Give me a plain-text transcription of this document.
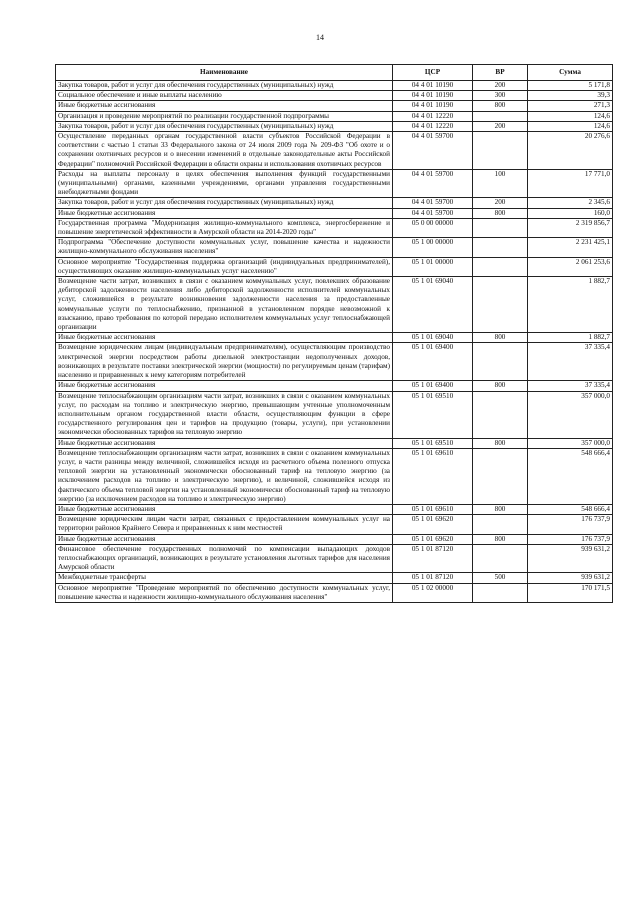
14
Наименование	ЦСР	ВР	Сумма
Закупка товаров, работ и услуг для обеспечения государственных (муниципальных) нужд	04 4 01 10190	200	5 171,8
Социальное обеспечение и иные выплаты населению	04 4 01 10190	300	39,3
Иные бюджетные ассигнования	04 4 01 10190	800	271,3
Организация и проведение мероприятий по реализации государственной подпрограммы	04 4 01 12220		124,6
Закупка товаров, работ и услуг для обеспечения государственных (муниципальных) нужд	04 4 01 12220	200	124,6
Осуществление переданных органам государственной власти субъектов Российской Федерации в соответствии с частью 1 статьи 33 Федерального закона от 24 июля 2009 года № 209-ФЗ "Об охоте и о сохранении охотничьих ресурсов и о внесении изменений в отдельные законодательные акты Российской Федерации" полномочий Российской Федерации в области охраны и использования охотничьих ресурсов	04 4 01 59700		20 276,6
Расходы на выплаты персоналу в целях обеспечения выполнения функций государственными (муниципальными) органами, казенными учреждениями, органами управления государственными внебюджетными фондами	04 4 01 59700	100	17 771,0
Закупка товаров, работ и услуг для обеспечения государственных (муниципальных) нужд	04 4 01 59700	200	2 345,6
Иные бюджетные ассигнования	04 4 01 59700	800	160,0
Государственная программа "Модернизация жилищно-коммунального комплекса, энергосбережение и повышение энергетической эффективности в Амурской области на 2014-2020 годы"	05 0 00 00000		2 319 856,7
Подпрограмма "Обеспечение доступности коммунальных услуг, повышение качества и надежности жилищно-коммунального обслуживания населения"	05 1 00 00000		2 231 425,1
Основное мероприятие "Государственная поддержка организаций (индивидуальных предпринимателей), осуществляющих оказание жилищно-коммунальных услуг населению"	05 1 01 00000		2 061 253,6
Возмещение части затрат, возникших в связи с оказанием коммунальных услуг, повлекших образование дебиторской задолженности населения либо дебиторской задолженности исполнителей коммунальных услуг, сложившейся в результате возникновения задолженности населения за предоставленные коммунальные услуги по теплоснабжению, признанной в установленном порядке невозможной к взысканию, право требования по которой передано исполнителем коммунальных услуг теплоснабжающей организации	05 1 01 69040		1 882,7
Иные бюджетные ассигнования	05 1 01 69040	800	1 882,7
Возмещение юридическим лицам (индивидуальным предпринимателям), осуществляющим производство электрической энергии посредством работы дизельной электростанции недополученных доходов, возникающих в результате поставки электрической энергии (мощности) по регулируемым ценам (тарифам) населению и приравненных к нему категориям потребителей	05 1 01 69400		37 335,4
Иные бюджетные ассигнования	05 1 01 69400	800	37 335,4
Возмещение теплоснабжающим организациям части затрат, возникших в связи с оказанием коммунальных услуг, по расходам на топливо и электрическую энергию, превышающим учтенные уполномоченным исполнительным органом государственной власти области, осуществляющим функции в сфере государственного регулирования цен и тарифов на продукцию (товары, услуги), при установлении экономически обоснованных тарифов на тепловую энергию	05 1 01 69510		357 000,0
Иные бюджетные ассигнования	05 1 01 69510	800	357 000,0
Возмещение теплоснабжающим организациям части затрат, возникших в связи с оказанием коммунальных услуг, в части разницы между величиной, сложившейся исходя из расчетного объема полезного отпуска тепловой энергии на установленный экономически обоснованный тариф на тепловую энергию (за исключением расходов на топливо и электрическую энергию), и величиной, сложившейся исходя из фактического объема тепловой энергии на установленный экономически обоснованный тариф на тепловую энергию (за исключением расходов на топливо и электрическую энергию)	05 1 01 69610		548 666,4
Иные бюджетные ассигнования	05 1 01 69610	800	548 666,4
Возмещение юридическим лицам части затрат, связанных с предоставлением коммунальных услуг на территории районов Крайнего Севера и приравненных к ним местностей	05 1 01 69620		176 737,9
Иные бюджетные ассигнования	05 1 01 69620	800	176 737,9
Финансовое обеспечение государственных полномочий по компенсации выпадающих доходов теплоснабжающих организаций, возникающих в результате установления льготных тарифов для населения Амурской области	05 1 01 87120		939 631,2
Межбюджетные трансферты	05 1 01 87120	500	939 631,2
Основное мероприятие "Проведение мероприятий по обеспечению доступности коммунальных услуг, повышение качества и надежности жилищно-коммунального обслуживания населения"	05 1 02 00000		170 171,5
